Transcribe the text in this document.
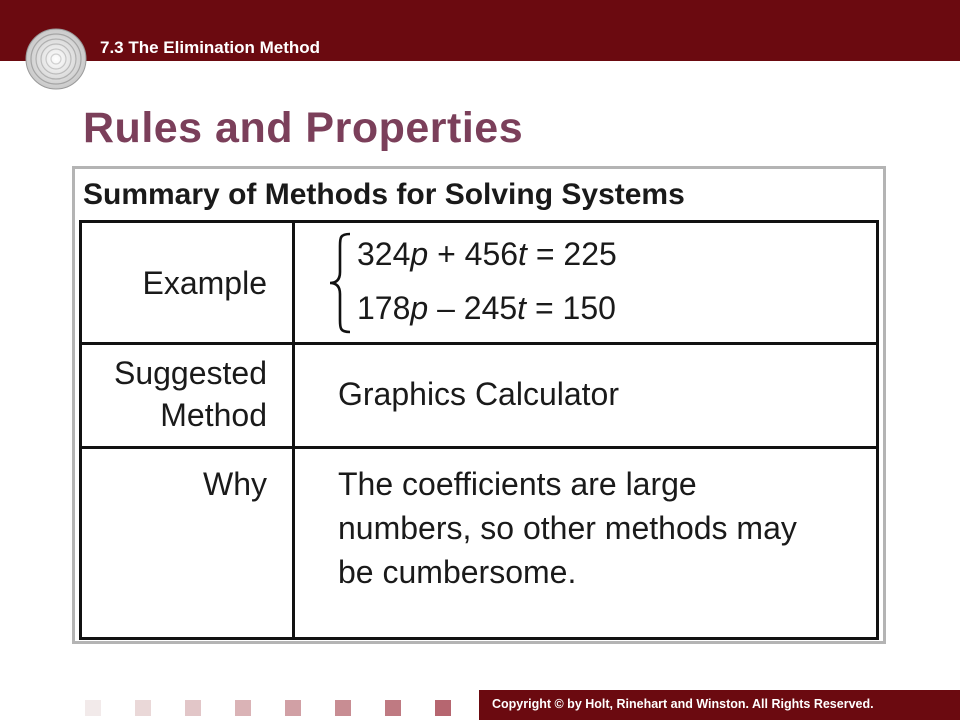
7.3 The Elimination Method
Rules and Properties
Summary of Methods for Solving Systems
Example
324p + 456t = 225
178p – 245t = 150
Suggested
Method
Graphics Calculator
Why The coefficients are large
numbers, so other methods may
be cumbersome.
Copyright © by Holt, Rinehart and Winston. All Rights Reserved.
